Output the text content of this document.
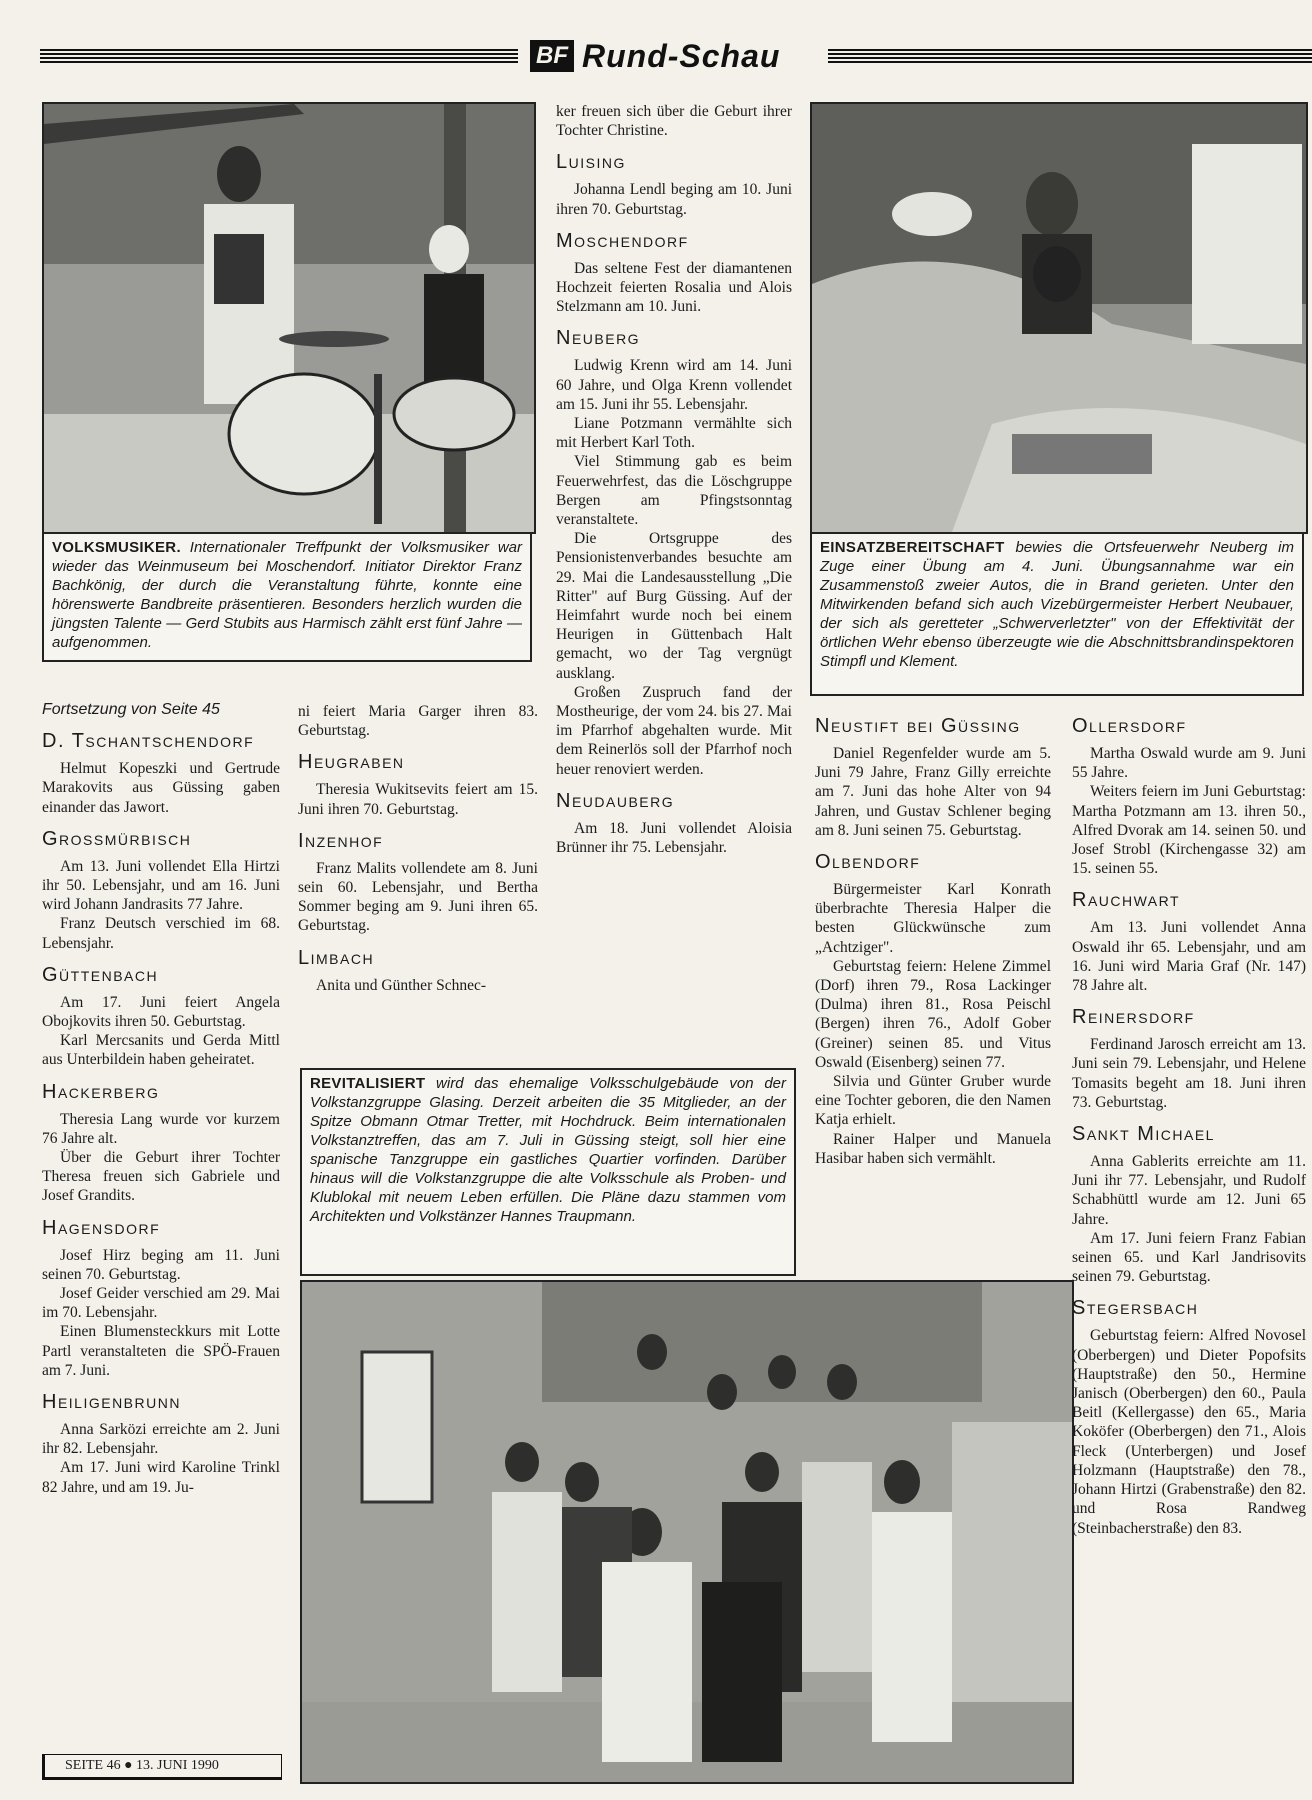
BF Rund-Schau
VOLKSMUSIKER. Internationaler Treffpunkt der Volksmusiker war wieder das Weinmuseum bei Moschendorf. Initiator Direktor Franz Bachkönig, der durch die Veranstaltung führte, konnte eine hörenswerte Bandbreite präsentieren. Besonders herzlich wurden die jüngsten Talente — Gerd Stubits aus Harmisch zählt erst fünf Jahre — aufgenommen.
EINSATZBEREITSCHAFT bewies die Ortsfeuerwehr Neuberg im Zuge einer Übung am 4. Juni. Übungsannahme war ein Zusammenstoß zweier Autos, die in Brand gerieten. Unter den Mitwirkenden befand sich auch Vizebürgermeister Herbert Neubauer, der sich als geretteter „Schwerverletzter" von der Effektivität der örtlichen Wehr ebenso überzeugte wie die Abschnittsbrandinspektoren Stimpfl und Klement.
Fortsetzung von Seite 45
D. Tschantschendorf

Helmut Kopeszki und Gertrude Marakovits aus Güssing gaben einander das Jawort.

Grossmürbisch

Am 13. Juni vollendet Ella Hirtzi ihr 50. Lebensjahr, und am 16. Juni wird Johann Jandrasits 77 Jahre.

Franz Deutsch verschied im 68. Lebensjahr.

Güttenbach

Am 17. Juni feiert Angela Obojkovits ihren 50. Geburtstag.

Karl Mercsanits und Gerda Mittl aus Unterbildein haben geheiratet.

Hackerberg

Theresia Lang wurde vor kurzem 76 Jahre alt.

Über die Geburt ihrer Tochter Theresa freuen sich Gabriele und Josef Grandits.

Hagensdorf

Josef Hirz beging am 11. Juni seinen 70. Geburtstag.

Josef Geider verschied am 29. Mai im 70. Lebensjahr.

Einen Blumensteckkurs mit Lotte Partl veranstalteten die SPÖ-Frauen am 7. Juni.

Heiligenbrunn

Anna Sarközi erreichte am 2. Juni ihr 82. Lebensjahr.

Am 17. Juni wird Karoline Trinkl 82 Jahre, und am 19. Ju-

SEITE 46 ● 13. JUNI 1990

ni feiert Maria Garger ihren 83. Geburtstag.

Heugraben

Theresia Wukitsevits feiert am 15. Juni ihren 70. Geburtstag.

Inzenhof

Franz Malits vollendete am 8. Juni sein 60. Lebensjahr, und Bertha Sommer beging am 9. Juni ihren 65. Geburtstag.

Limbach

Anita und Günther Schnec-

ker freuen sich über die Geburt ihrer Tochter Christine.

Luising

Johanna Lendl beging am 10. Juni ihren 70. Geburtstag.

Moschendorf

Das seltene Fest der diamantenen Hochzeit feierten Rosalia und Alois Stelzmann am 10. Juni.

Neuberg

Ludwig Krenn wird am 14. Juni 60 Jahre, und Olga Krenn vollendet am 15. Juni ihr 55. Lebensjahr.

Liane Potzmann vermählte sich mit Herbert Karl Toth.

Viel Stimmung gab es beim Feuerwehrfest, das die Löschgruppe Bergen am Pfingstsonntag veranstaltete.

Die Ortsgruppe des Pensionistenverbandes besuchte am 29. Mai die Landesausstellung „Die Ritter" auf Burg Güssing. Auf der Heimfahrt wurde noch bei einem Heurigen in Güttenbach Halt gemacht, wo der Tag vergnügt ausklang.

Großen Zuspruch fand der Mostheurige, der vom 24. bis 27. Mai im Pfarrhof abgehalten wurde. Mit dem Reinerlös soll der Pfarrhof noch heuer renoviert werden.

Neudauberg

Am 18. Juni vollendet Aloisia Brünner ihr 75. Lebensjahr.

REVITALISIERT wird das ehemalige Volksschulgebäude von der Volkstanzgruppe Glasing. Derzeit arbeiten die 35 Mitglieder, an der Spitze Obmann Otmar Tretter, mit Hochdruck. Beim internationalen Volkstanztreffen, das am 7. Juli in Güssing steigt, soll hier eine spanische Tanzgruppe ein gastliches Quartier vorfinden. Darüber hinaus will die Volkstanzgruppe die alte Volksschule als Proben- und Klublokal mit neuem Leben erfüllen. Die Pläne dazu stammen vom Architekten und Volkstänzer Hannes Traupmann.
Neustift bei Güssing

Daniel Regenfelder wurde am 5. Juni 79 Jahre, Franz Gilly erreichte am 7. Juni das hohe Alter von 94 Jahren, und Gustav Schlener beging am 8. Juni seinen 75. Geburtstag.

Olbendorf

Bürgermeister Karl Konrath überbrachte Theresia Halper die besten Glückwünsche zum „Achtziger".

Geburtstag feiern: Helene Zimmel (Dorf) ihren 79., Rosa Lackinger (Dulma) ihren 81., Rosa Peischl (Bergen) ihren 76., Adolf Gober (Greiner) seinen 85. und Vitus Oswald (Eisenberg) seinen 77.

Silvia und Günter Gruber wurde eine Tochter geboren, die den Namen Katja erhielt.

Rainer Halper und Manuela Hasibar haben sich vermählt.

Ollersdorf

Martha Oswald wurde am 9. Juni 55 Jahre.

Weiters feiern im Juni Geburtstag: Martha Potzmann am 13. ihren 50., Alfred Dvorak am 14. seinen 50. und Josef Strobl (Kirchengasse 32) am 15. seinen 55.

Rauchwart

Am 13. Juni vollendet Anna Oswald ihr 65. Lebensjahr, und am 16. Juni wird Maria Graf (Nr. 147) 78 Jahre alt.

Reinersdorf

Ferdinand Jarosch erreicht am 13. Juni sein 79. Lebensjahr, und Helene Tomasits begeht am 18. Juni ihren 73. Geburtstag.

Sankt Michael

Anna Gablerits erreichte am 11. Juni ihr 77. Lebensjahr, und Rudolf Schabhüttl wurde am 12. Juni 65 Jahre.

Am 17. Juni feiern Franz Fabian seinen 65. und Karl Jandrisovits seinen 79. Geburtstag.

Stegersbach

Geburtstag feiern: Alfred Novosel (Oberbergen) und Dieter Popofsits (Hauptstraße) den 50., Hermine Janisch (Oberbergen) den 60., Paula Beitl (Kellergasse) den 65., Maria Koköfer (Oberbergen) den 71., Alois Fleck (Unterbergen) und Josef Holzmann (Hauptstraße) den 78., Johann Hirtzi (Grabenstraße) den 82. und Rosa Randweg (Steinbacherstraße) den 83.
